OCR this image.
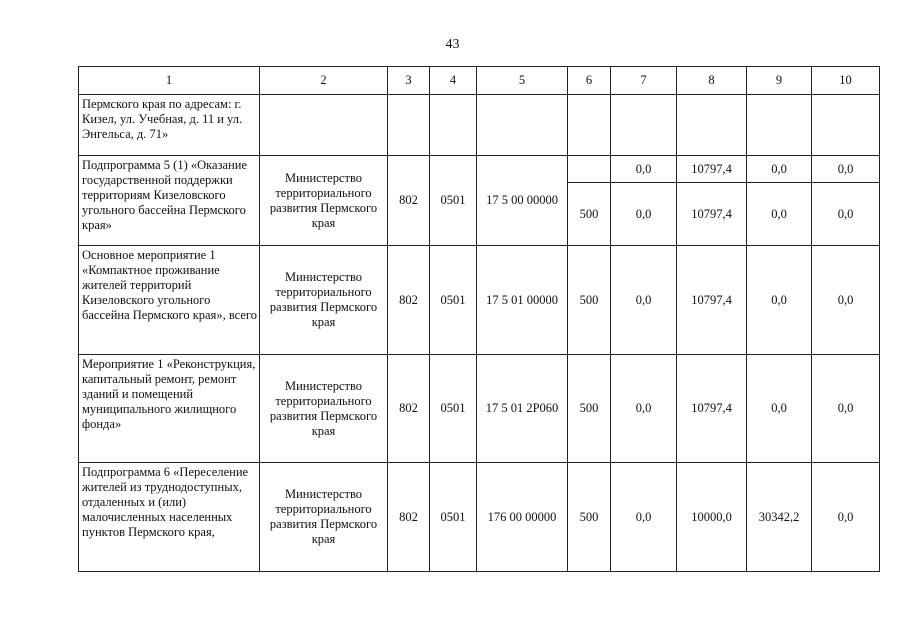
43
1	2	3	4	5	6	7	8	9	10
Пермского края по адресам: г. Кизел, ул. Учебная, д. 11 и ул. Энгельса, д. 71»									
Подпрограмма 5 (1) «Оказание государственной поддержки территориям Кизеловского угольного бассейна Пермского края»	Министерство территориального развития Пермского края	802	0501	17 5 00 00000		0,0	10797,4	0,0	0,0
					500	0,0	10797,4	0,0	0,0
Основное мероприятие 1 «Компактное проживание жителей территорий Кизеловского угольного бассейна Пермского края», всего	Министерство территориального развития Пермского края	802	0501	17 5 01 00000	500	0,0	10797,4	0,0	0,0
Мероприятие 1 «Реконструкция, капитальный ремонт, ремонт зданий и помещений муниципального жилищного фонда»	Министерство территориального развития Пермского края	802	0501	17 5 01 2P060	500	0,0	10797,4	0,0	0,0
Подпрограмма 6 «Переселение жителей из труднодоступных, отдаленных и (или) малочисленных населенных пунктов Пермского края,	Министерство территориального развития Пермского края	802	0501	176 00 00000	500	0,0	10000,0	30342,2	0,0
